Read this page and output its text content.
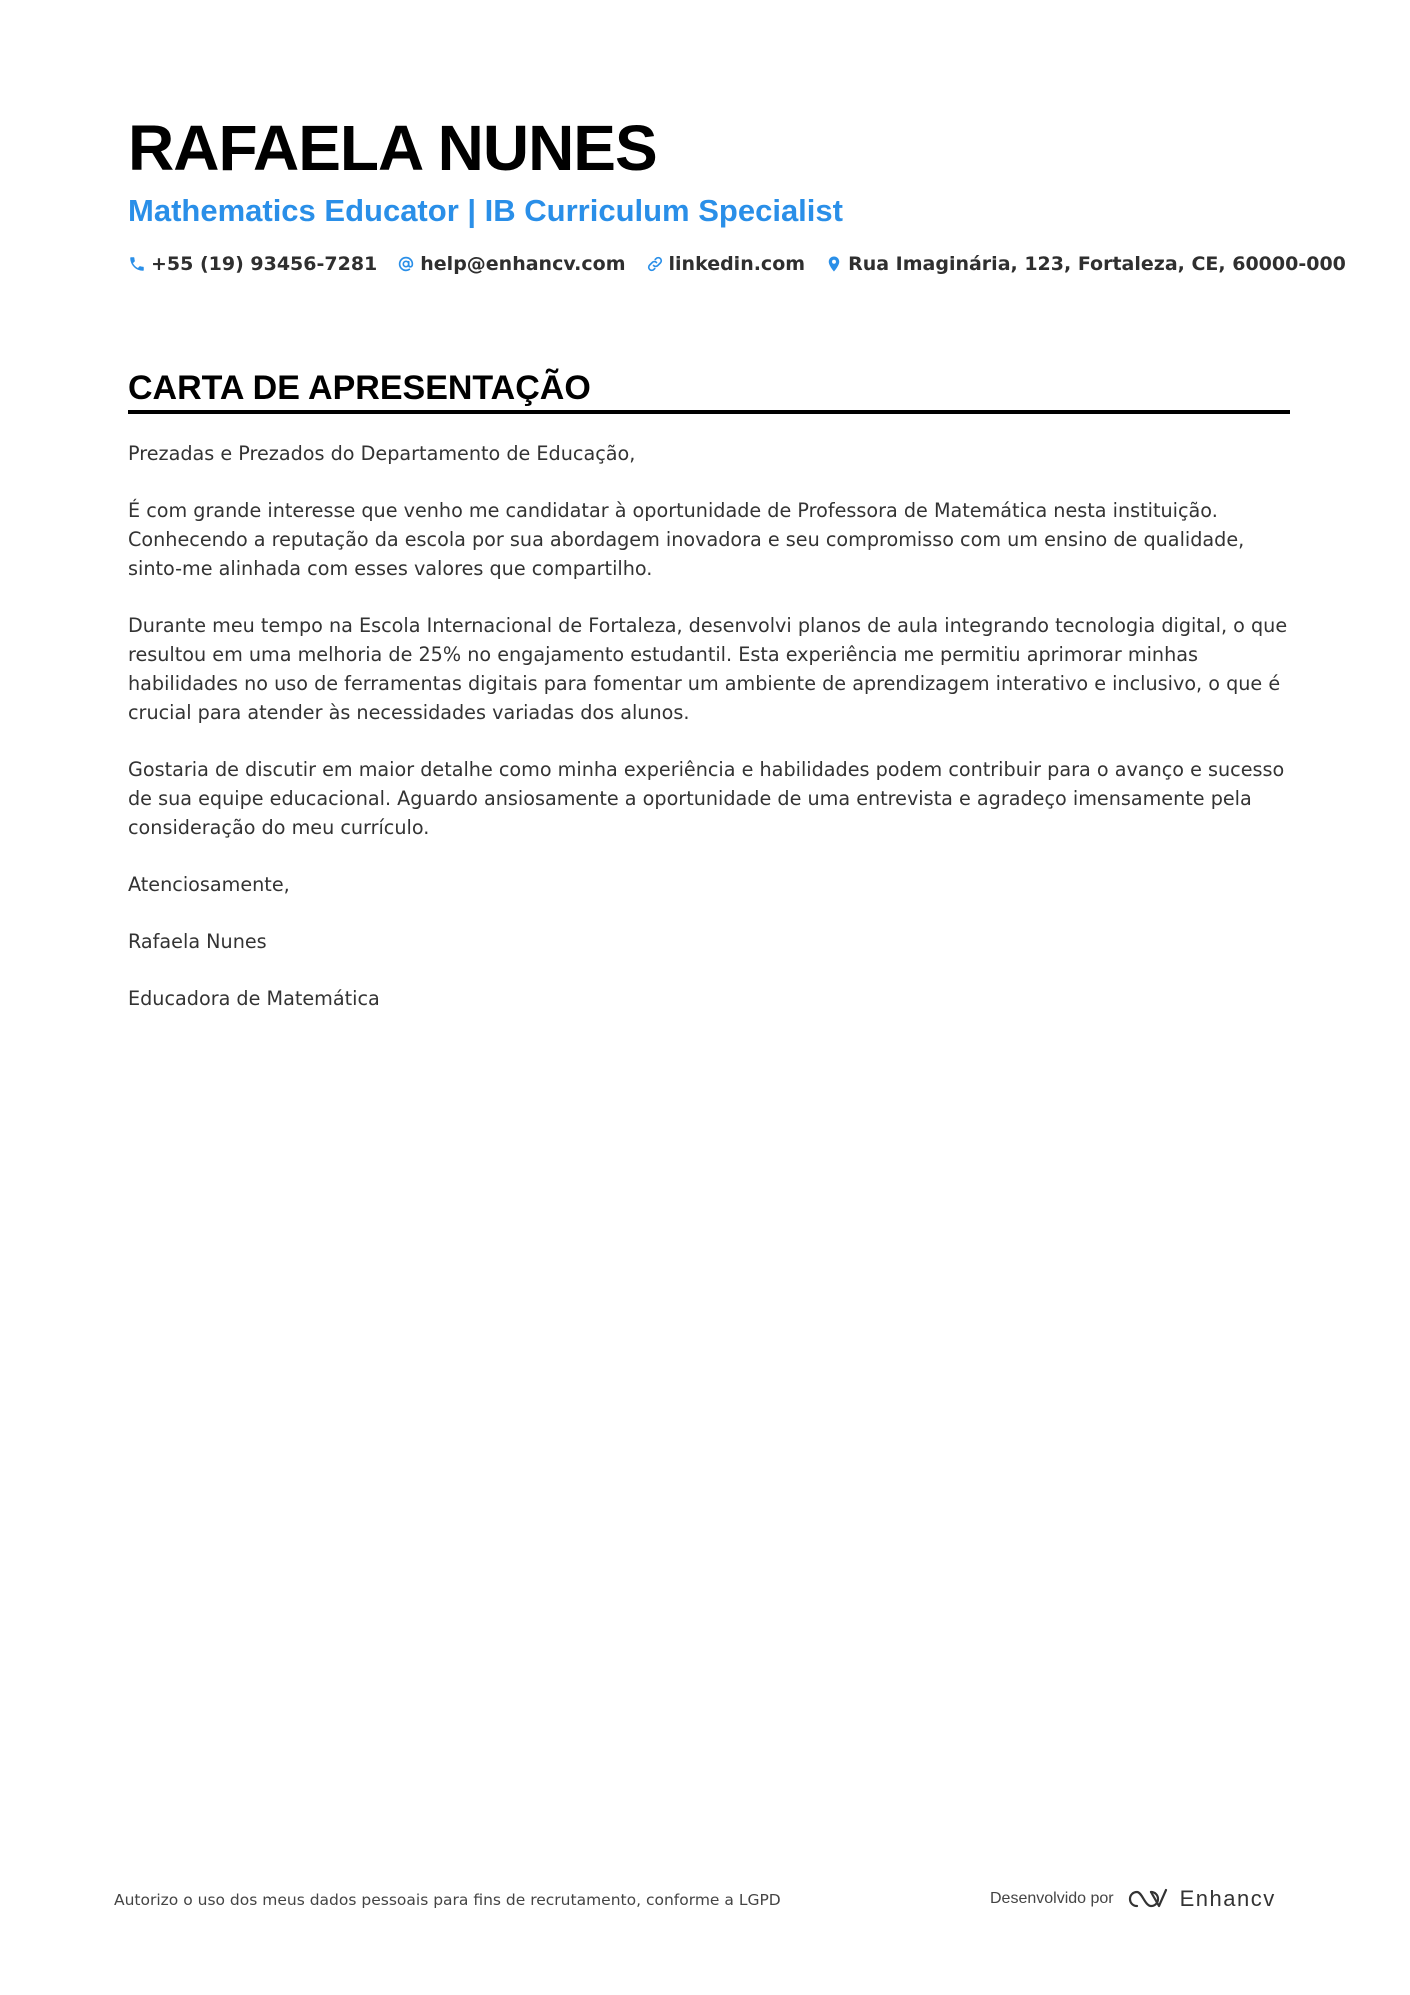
RAFAELA NUNES
Mathematics Educator | IB Curriculum Specialist
+55 (19) 93456-7281 help@enhancv.com linkedin.com Rua Imaginária, 123, Fortaleza, CE, 60000-000
CARTA DE APRESENTAÇÃO

Prezadas e Prezados do Departamento de Educação,

É com grande interesse que venho me candidatar à oportunidade de Professora de Matemática nesta instituição. Conhecendo a reputação da escola por sua abordagem inovadora e seu compromisso com um ensino de qualidade, sinto-me alinhada com esses valores que compartilho.

Durante meu tempo na Escola Internacional de Fortaleza, desenvolvi planos de aula integrando tecnologia digital, o que resultou em uma melhoria de 25% no engajamento estudantil. Esta experiência me permitiu aprimorar minhas habilidades no uso de ferramentas digitais para fomentar um ambiente de aprendizagem interativo e inclusivo, o que é crucial para atender às necessidades variadas dos alunos.

Gostaria de discutir em maior detalhe como minha experiência e habilidades podem contribuir para o avanço e sucesso de sua equipe educacional. Aguardo ansiosamente a oportunidade de uma entrevista e agradeço imensamente pela consideração do meu currículo.

Atenciosamente,

Rafaela Nunes

Educadora de Matemática

Autorizo o uso dos meus dados pessoais para fins de recrutamento, conforme a LGPD	Desenvolvido por	Enhancv
